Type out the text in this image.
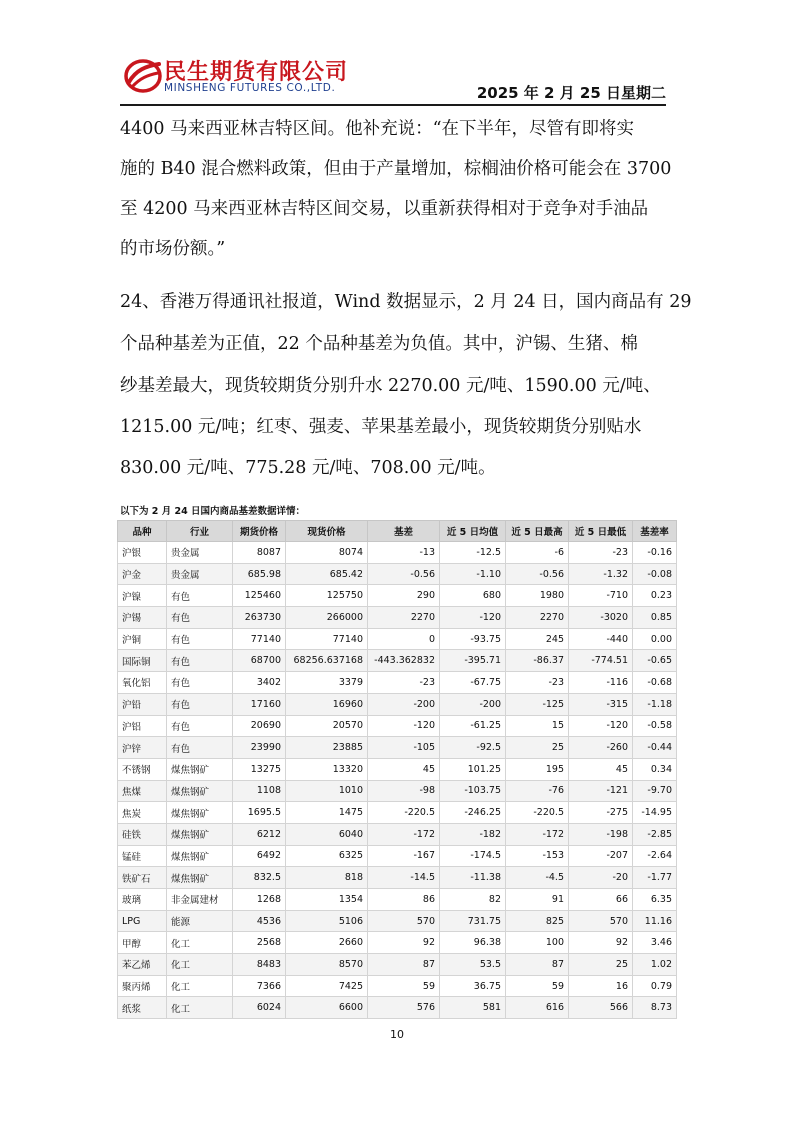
民生期货有限公司
MINSHENG FUTURES CO.,LTD.	2025 年 2 月 25 日星期二
4400 马来西亚林吉特区间。他补充说：“在下半年，尽管有即将实
施的 B40 混合燃料政策，但由于产量增加，棕榈油价格可能会在 3700
至 4200 马来西亚林吉特区间交易，以重新获得相对于竞争对手油品
的市场份额。”
24、香港万得通讯社报道，Wind 数据显示，2 月 24 日，国内商品有 29
个品种基差为正值，22 个品种基差为负值。其中，沪锡、生猪、棉
纱基差最大，现货较期货分别升水 2270.00 元/吨、1590.00 元/吨、
1215.00 元/吨；红枣、强麦、苹果基差最小，现货较期货分别贴水
830.00 元/吨、775.28 元/吨、708.00 元/吨。
以下为 2 月 24 日国内商品基差数据详情：
品种	行业	期货价格	现货价格	基差	近 5 日均值	近 5 日最高	近 5 日最低	基差率
沪银	贵金属	8087	8074	-13	-12.5	-6	-23	-0.16
沪金	贵金属	685.98	685.42	-0.56	-1.10	-0.56	-1.32	-0.08
沪镍	有色	125460	125750	290	680	1980	-710	0.23
沪锡	有色	263730	266000	2270	-120	2270	-3020	0.85
沪铜	有色	77140	77140	0	-93.75	245	-440	0.00
国际铜	有色	68700	68256.637168	-443.362832	-395.71	-86.37	-774.51	-0.65
氧化铝	有色	3402	3379	-23	-67.75	-23	-116	-0.68
沪铅	有色	17160	16960	-200	-200	-125	-315	-1.18
沪铝	有色	20690	20570	-120	-61.25	15	-120	-0.58
沪锌	有色	23990	23885	-105	-92.5	25	-260	-0.44
不锈钢	煤焦钢矿	13275	13320	45	101.25	195	45	0.34
焦煤	煤焦钢矿	1108	1010	-98	-103.75	-76	-121	-9.70
焦炭	煤焦钢矿	1695.5	1475	-220.5	-246.25	-220.5	-275	-14.95
硅铁	煤焦钢矿	6212	6040	-172	-182	-172	-198	-2.85
锰硅	煤焦钢矿	6492	6325	-167	-174.5	-153	-207	-2.64
铁矿石	煤焦钢矿	832.5	818	-14.5	-11.38	-4.5	-20	-1.77
玻璃	非金属建材	1268	1354	86	82	91	66	6.35
LPG	能源	4536	5106	570	731.75	825	570	11.16
甲醇	化工	2568	2660	92	96.38	100	92	3.46
苯乙烯	化工	8483	8570	87	53.5	87	25	1.02
聚丙烯	化工	7366	7425	59	36.75	59	16	0.79
纸浆	化工	6024	6600	576	581	616	566	8.73
10
